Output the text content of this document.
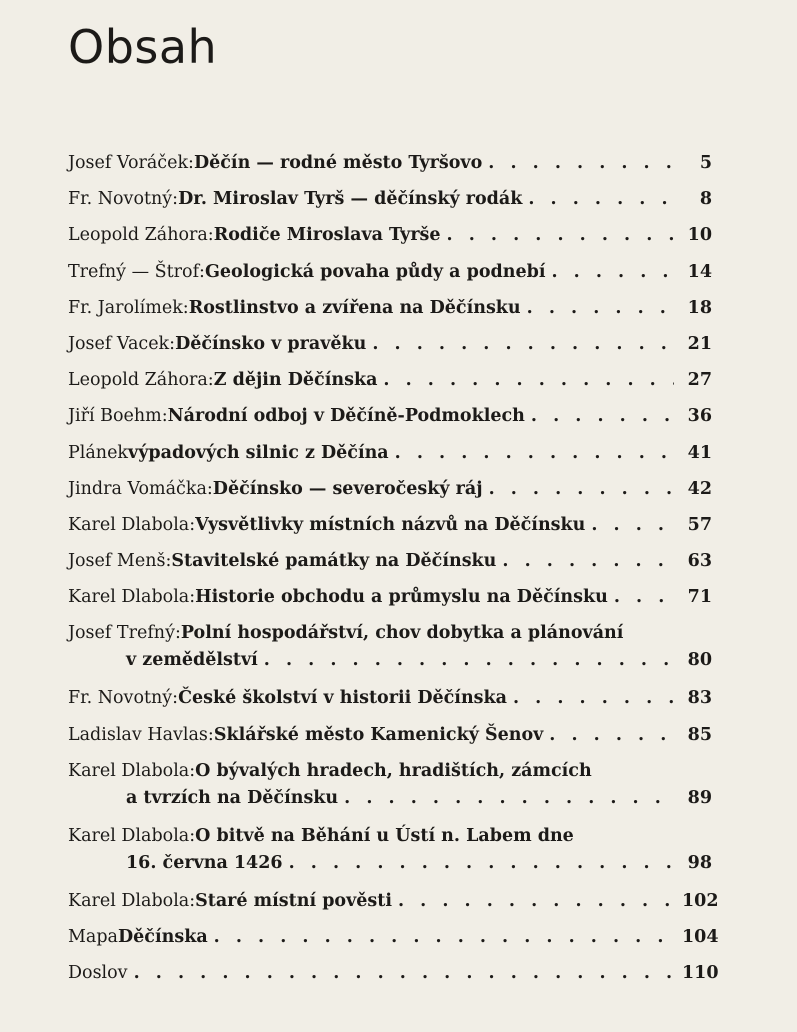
Obsah
Josef Voráček: Děčín — rodné město Tyršovo . . .	5
Fr. Novotný: Dr. Miroslav Tyrš — děčínský rodák . . .	8
Leopold Záhora: Rodiče Miroslava Tyrše . . .	10
Trefný — Štrof: Geologická povaha půdy a podnebí . . .	14
Fr. Jarolímek: Rostlinstvo a zvířena na Děčínsku . . .	18
Josef Vacek: Děčínsko v pravěku . . .	21
Leopold Záhora: Z dějin Děčínska . . .	27
Jiří Boehm: Národní odboj v Děčíně-Podmoklech . . .	36
Plánek výpadových silnic z Děčína . . .	41
Jindra Vomáčka: Děčínsko — severočeský ráj . . .	42
Karel Dlabola: Vysvětlivky místních názvů na Děčínsku . . .	57
Josef Menš: Stavitelské památky na Děčínsku . . .	63
Karel Dlabola: Historie obchodu a průmyslu na Děčínsku . . .	71
Josef Trefný: Polní hospodářství, chov dobytka a plánování
v zemědělství . . .	80
Fr. Novotný: České školství v historii Děčínska . . .	83
Ladislav Havlas: Sklářské město Kamenický Šenov . . .	85
Karel Dlabola: O bývalých hradech, hradištích, zámcích
a tvrzích na Děčínsku . . .	89
Karel Dlabola: O bitvě na Běhání u Ústí n. Labem dne
16. června 1426 . . .	98
Karel Dlabola: Staré místní pověsti . . .	102
Mapa Děčínska . . .	104
Doslov . . .	110
